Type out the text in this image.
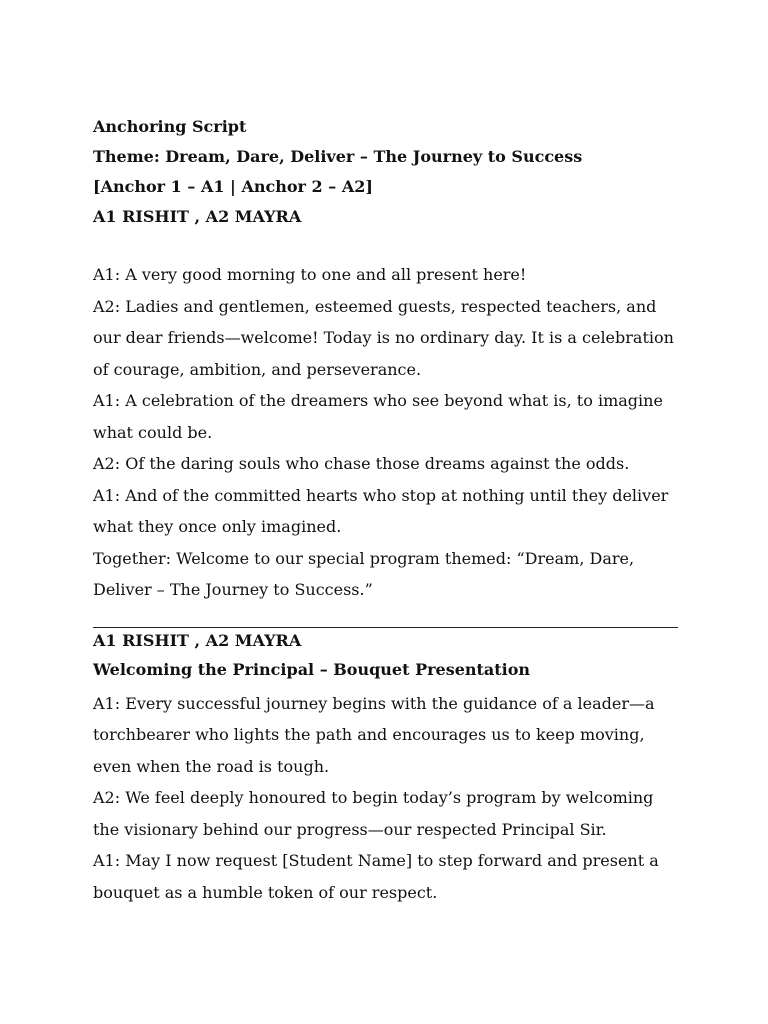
Anchoring Script

Theme: Dream, Dare, Deliver – The Journey to Success

[Anchor 1 – A1 | Anchor 2 – A2]

A1 RISHIT , A2 MAYRA

A1: A very good morning to one and all present here!

A2: Ladies and gentlemen, esteemed guests, respected teachers, and our dear friends—welcome! Today is no ordinary day. It is a celebration of courage, ambition, and perseverance.

A1: A celebration of the dreamers who see beyond what is, to imagine what could be.

A2: Of the daring souls who chase those dreams against the odds.

A1: And of the committed hearts who stop at nothing until they deliver what they once only imagined.

Together: Welcome to our special program themed: “Dream, Dare, Deliver – The Journey to Success.”

A1 RISHIT , A2 MAYRA

Welcoming the Principal – Bouquet Presentation

A1: Every successful journey begins with the guidance of a leader—a torchbearer who lights the path and encourages us to keep moving, even when the road is tough.

A2: We feel deeply honoured to begin today’s program by welcoming the visionary behind our progress—our respected Principal Sir.

A1: May I now request [Student Name] to step forward and present a bouquet as a humble token of our respect.
